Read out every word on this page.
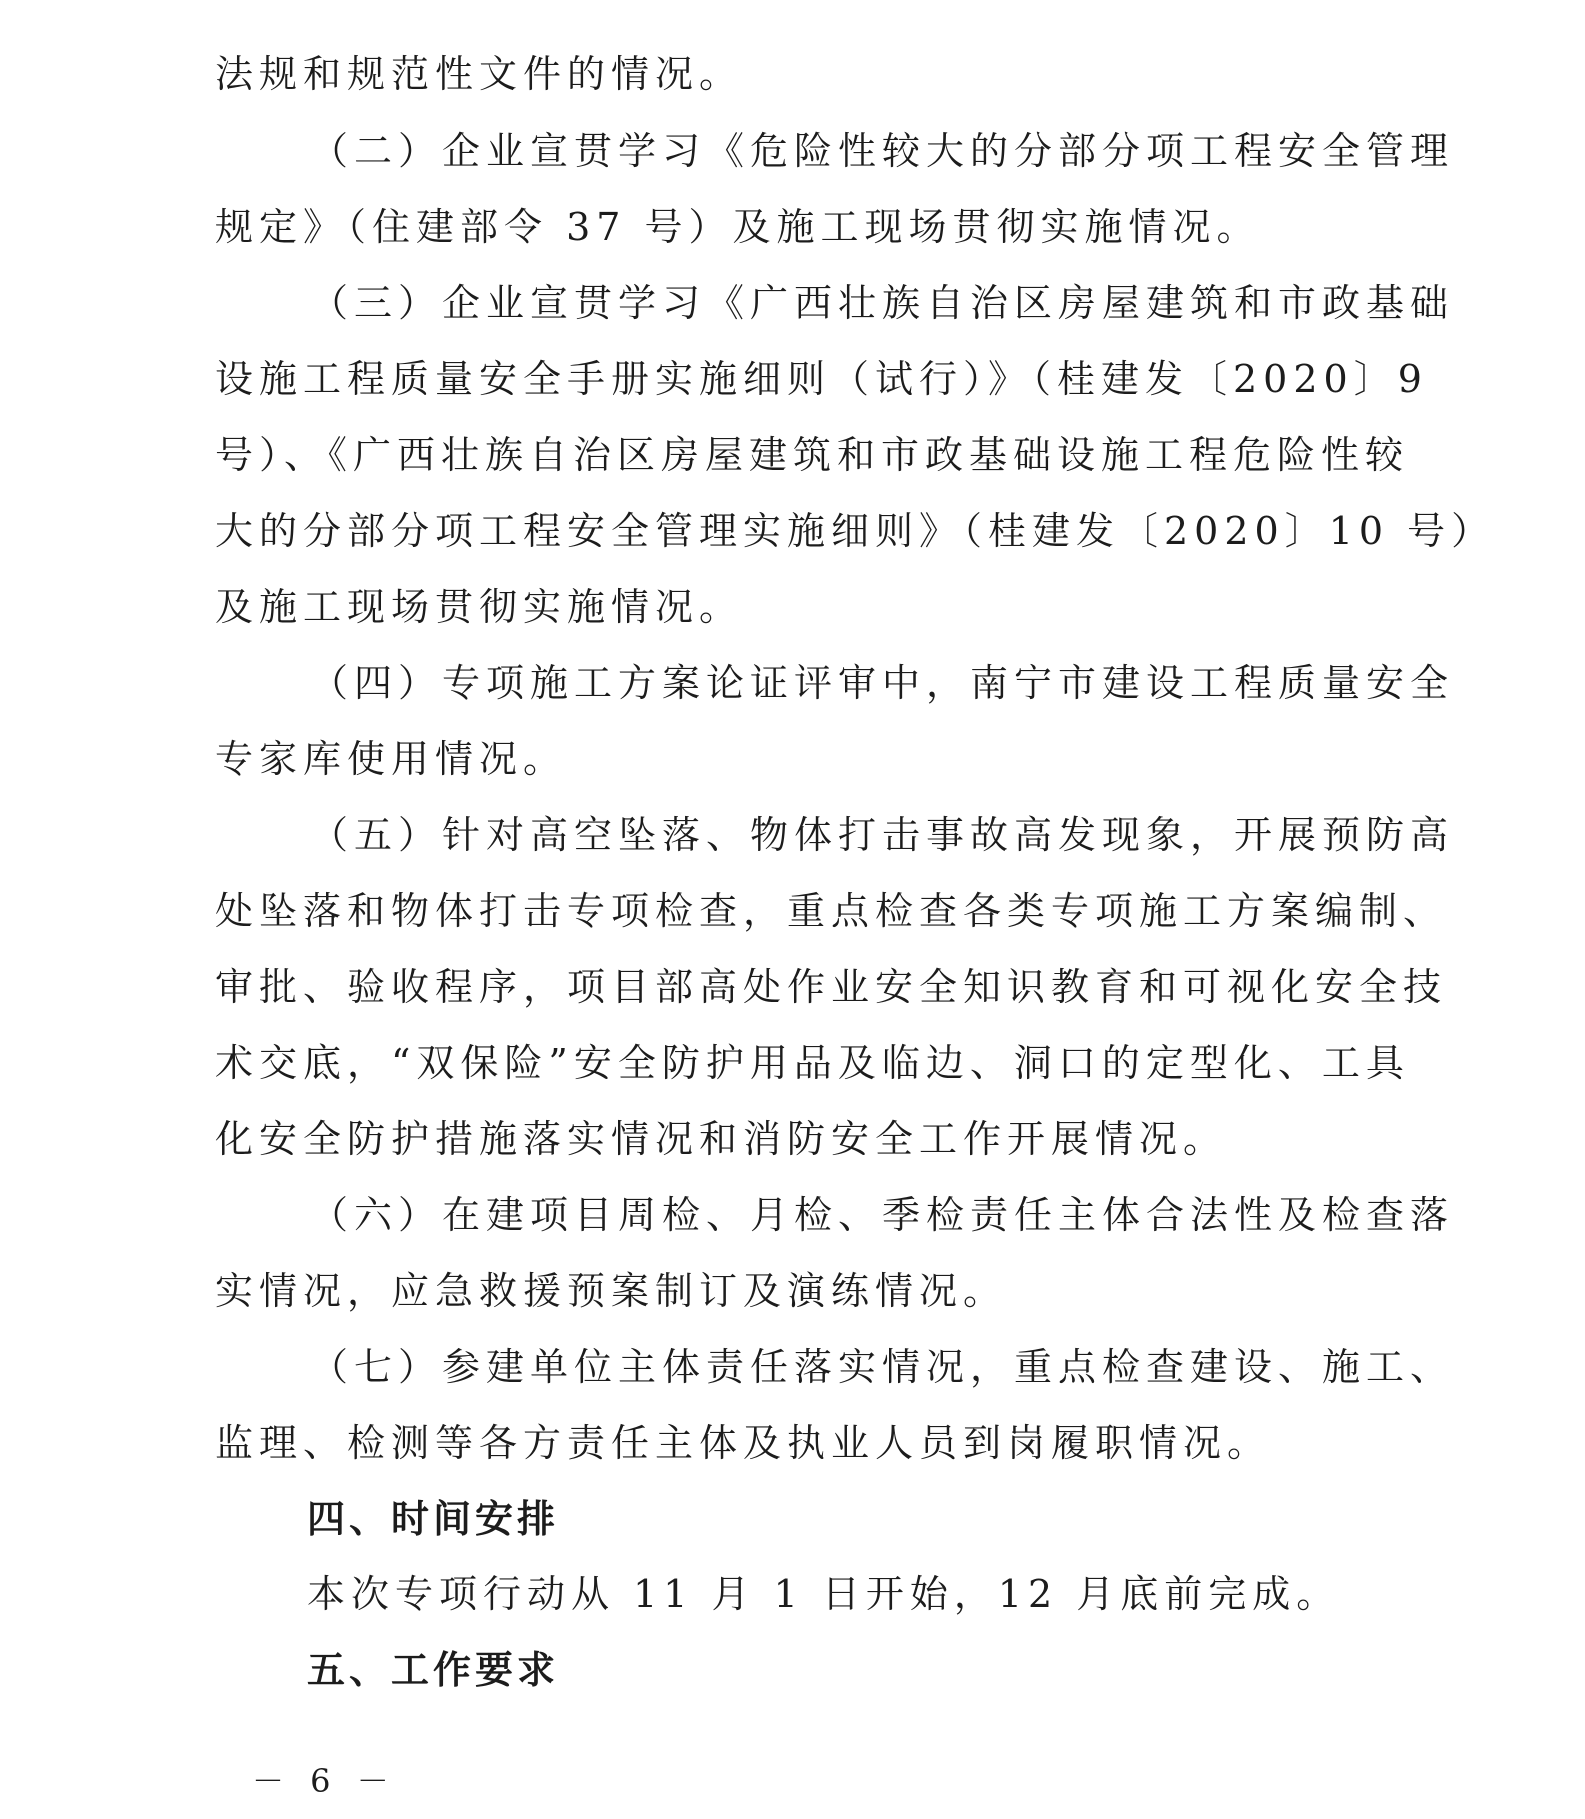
法规和规范性文件的情况。

（二）企业宣贯学习《危险性较大的分部分项工程安全管理

规定》（住建部令 37 号）及施工现场贯彻实施情况。

（三）企业宣贯学习《广西壮族自治区房屋建筑和市政基础

设施工程质量安全手册实施细则（试行）》（桂建发〔2020〕9

号）、《广西壮族自治区房屋建筑和市政基础设施工程危险性较

大的分部分项工程安全管理实施细则》（桂建发〔2020〕10 号）

及施工现场贯彻实施情况。

（四）专项施工方案论证评审中，南宁市建设工程质量安全

专家库使用情况。

（五）针对高空坠落、物体打击事故高发现象，开展预防高

处坠落和物体打击专项检查，重点检查各类专项施工方案编制、

审批、验收程序，项目部高处作业安全知识教育和可视化安全技

术交底，“双保险”安全防护用品及临边、洞口的定型化、工具

化安全防护措施落实情况和消防安全工作开展情况。

（六）在建项目周检、月检、季检责任主体合法性及检查落

实情况，应急救援预案制订及演练情况。

（七）参建单位主体责任落实情况，重点检查建设、施工、

监理、检测等各方责任主体及执业人员到岗履职情况。

四、时间安排

本次专项行动从 11 月 1 日开始，12 月底前完成。

五、工作要求

－ 6 －
